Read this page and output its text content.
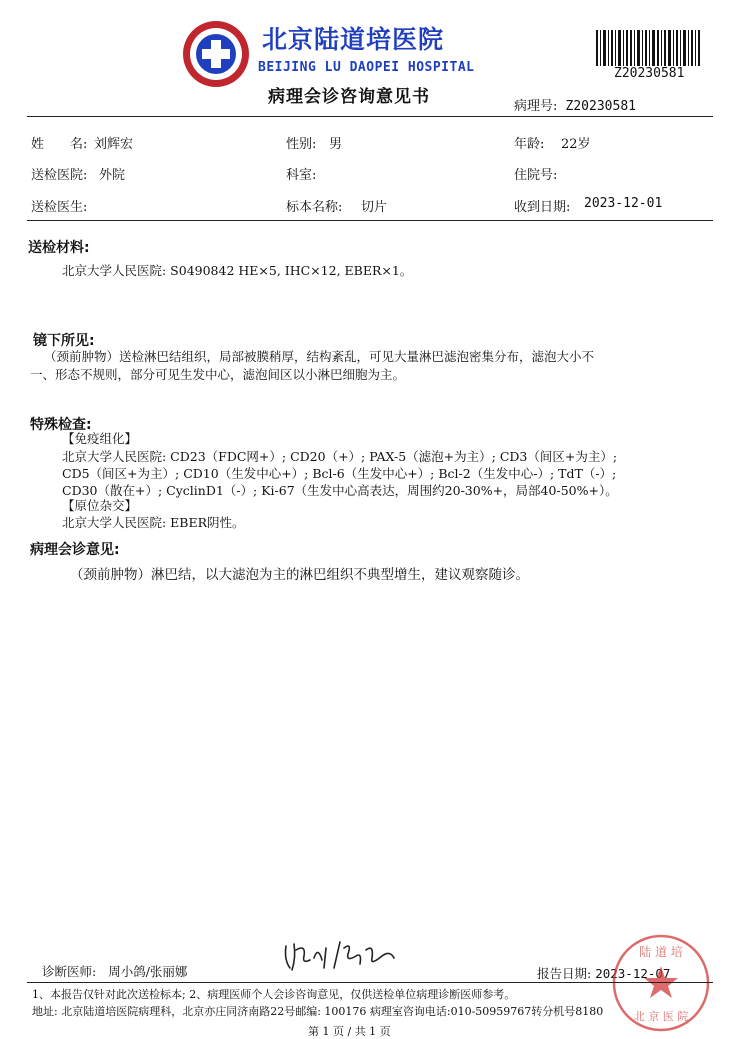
北京陆道培医院
BEIJING LU DAOPEI HOSPITAL
病理会诊咨询意见书
Z20230581
病理号: Z20230581
姓　　名: 刘辉宏	性别: 男	年龄: 22岁
送检医院: 外院	科室:	住院号:
送检医生:	标本名称: 切片	收到日期: 2023-12-01
送检材料:
北京大学人民医院: S0490842 HE×5, IHC×12, EBER×1。
镜下所见:
（颈前肿物）送检淋巴结组织，局部被膜稍厚，结构紊乱，可见大量淋巴滤泡密集分布，滤泡大小不
一、形态不规则，部分可见生发中心，滤泡间区以小淋巴细胞为主。
特殊检查:
【免疫组化】
北京大学人民医院: CD23（FDC网+）; CD20（+）; PAX-5（滤泡+为主）; CD3（间区+为主）;
CD5（间区+为主）; CD10（生发中心+）; Bcl-6（生发中心+）; Bcl-2（生发中心-）; TdT（-）;
CD30（散在+）; CyclinD1（-）; Ki-67（生发中心高表达，周围约20-30%+，局部40-50%+）。
【原位杂交】
北京大学人民医院: EBER阴性。
病理会诊意见:
（颈前肿物）淋巴结，以大滤泡为主的淋巴组织不典型增生，建议观察随诊。
诊断医师: 周小鸽/张丽娜	报告日期: 2023-12-07
陆 道 培
北 京 医 院
1、本报告仅针对此次送检标本; 2、病理医师个人会诊咨询意见，仅供送检单位病理诊断医师参考。
地址: 北京陆道培医院病理科，北京亦庄同济南路22号邮编: 100176 病理室咨询电话:010-50959767转分机号8180
第 1 页 / 共 1 页
